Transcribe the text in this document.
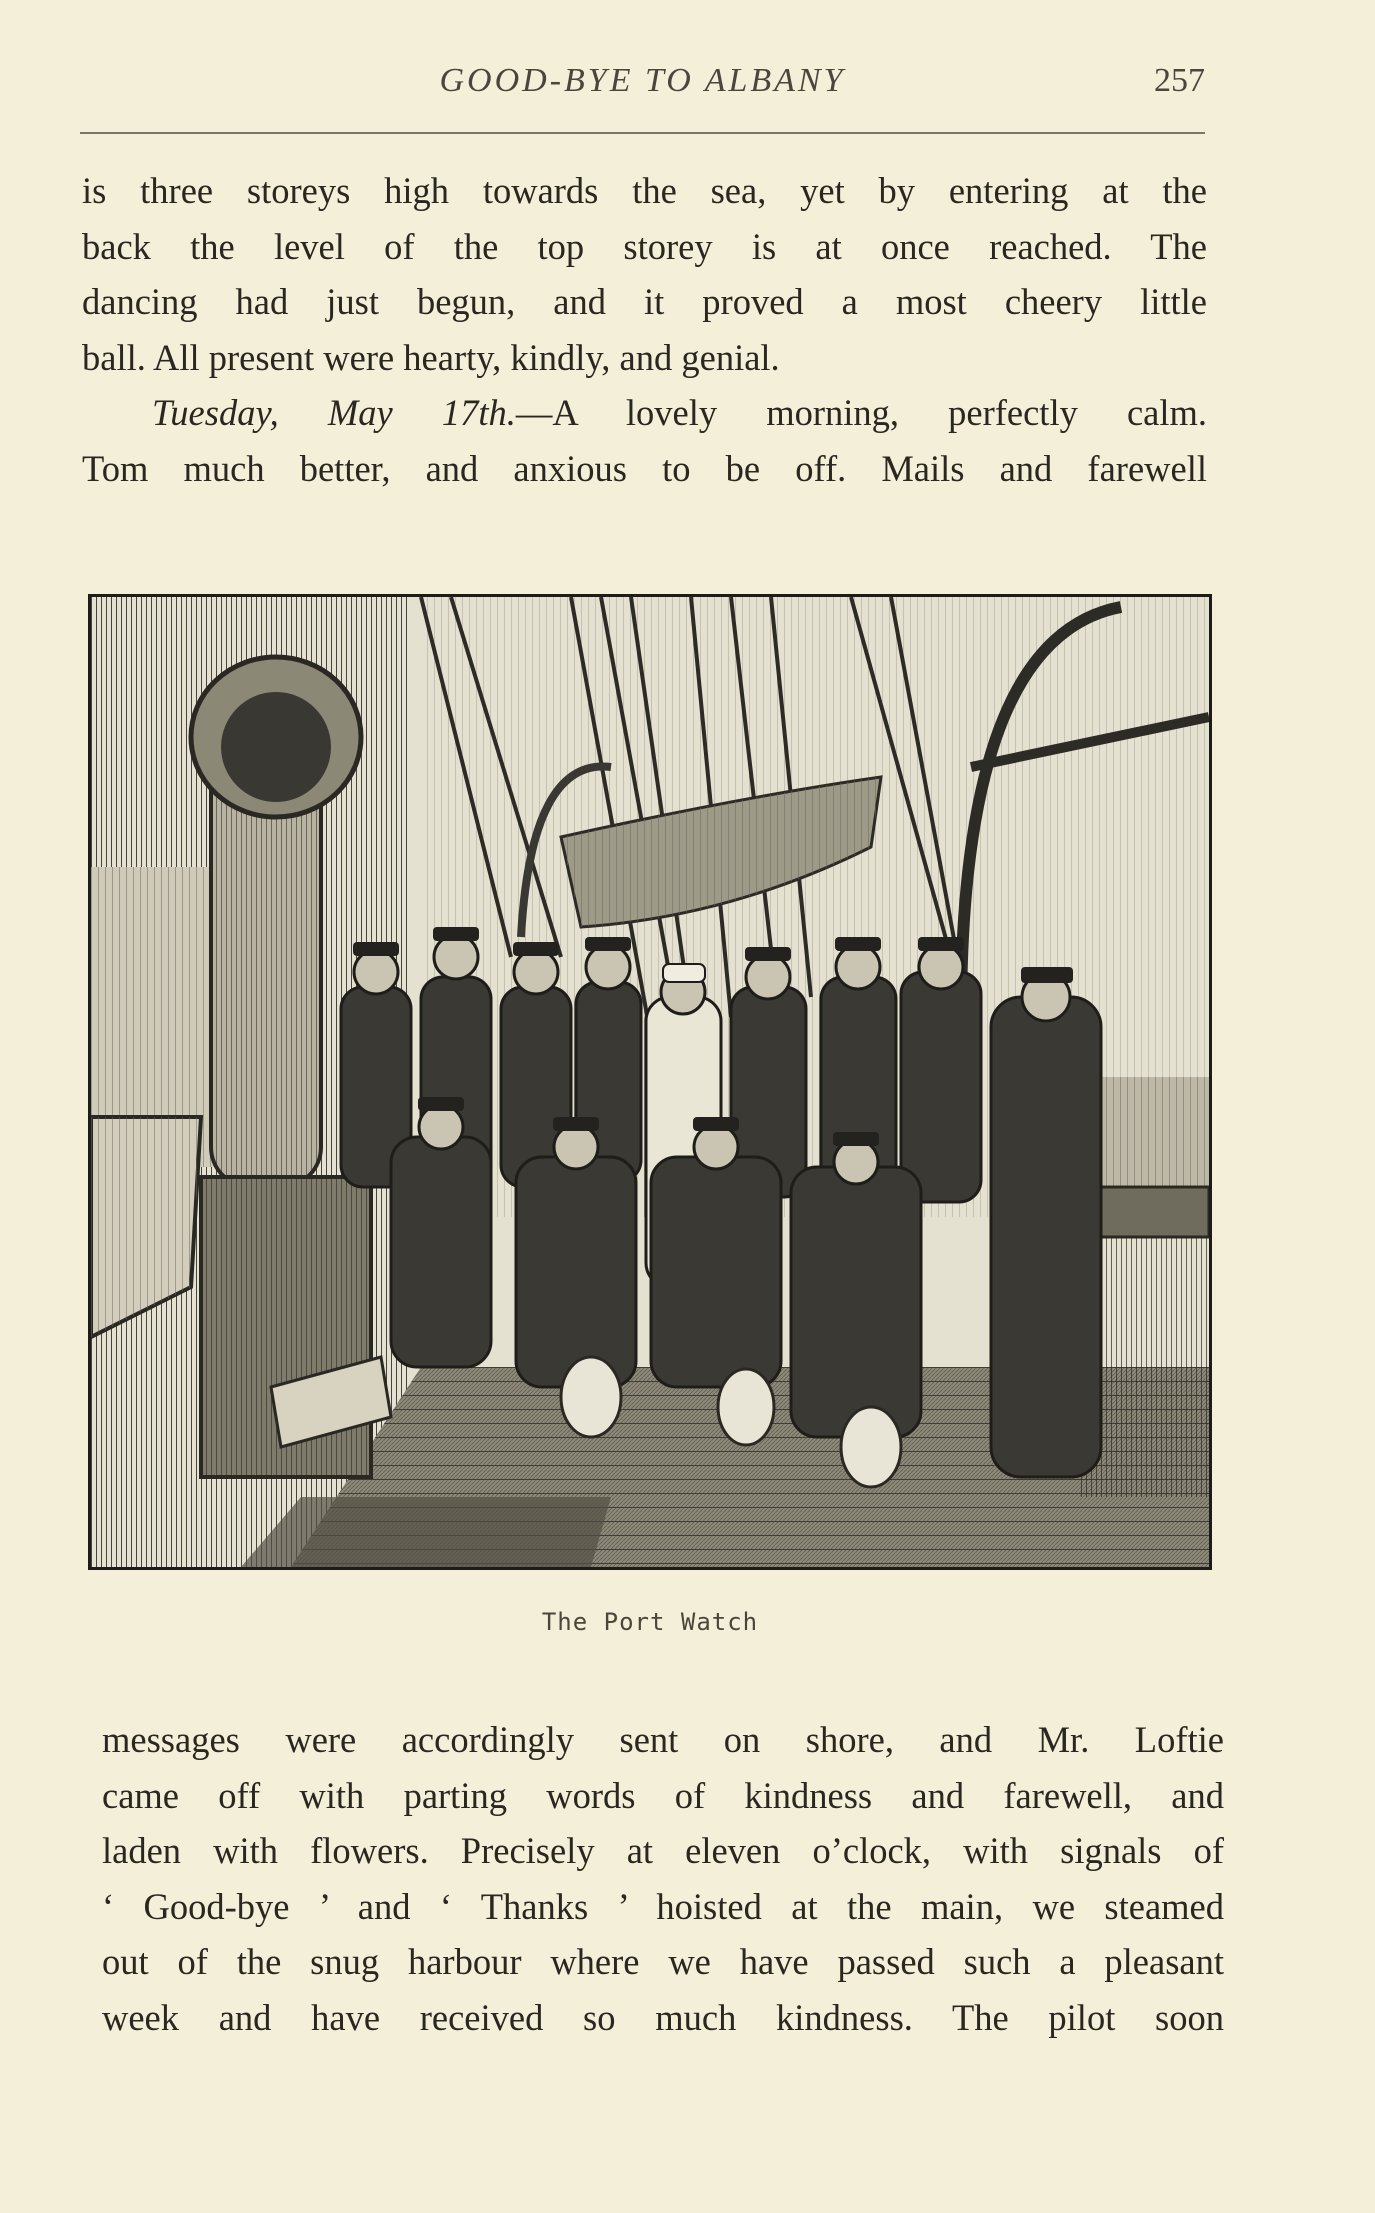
GOOD-BYE TO ALBANY	257
is three storeys high towards the sea, yet by entering at the
back the level of the top storey is at once reached. The
dancing had just begun, and it proved a most cheery little
ball. All present were hearty, kindly, and genial.
Tuesday, May 17th.—A lovely morning, perfectly calm.
Tom much better, and anxious to be off. Mails and farewell
The Port Watch
messages were accordingly sent on shore, and Mr. Loftie
came off with parting words of kindness and farewell, and
laden with flowers. Precisely at eleven o’clock, with signals of
‘ Good-bye ’ and ‘ Thanks ’ hoisted at the main, we steamed
out of the snug harbour where we have passed such a pleasant
week and have received so much kindness. The pilot soon
